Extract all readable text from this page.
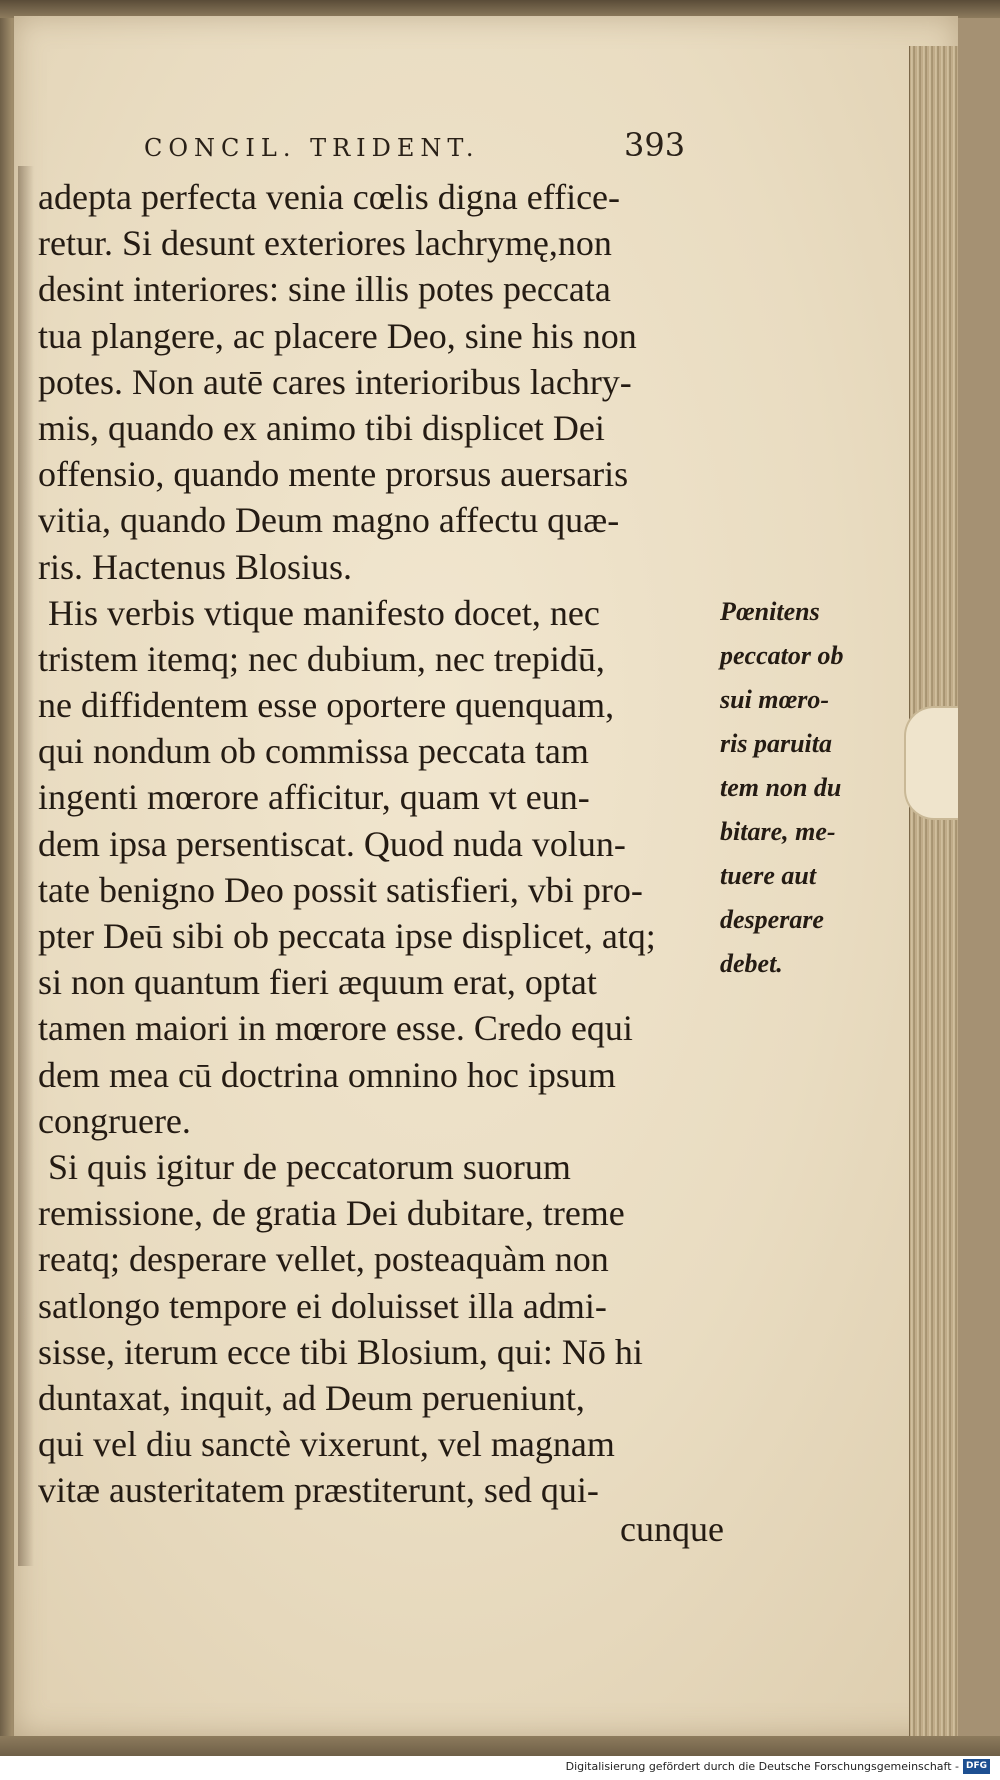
CONCIL. TRIDENT.	393
adepta perfecta venia cœlis digna effice-
retur. Si desunt exteriores lachrymę,non
desint interiores: sine illis potes peccata
tua plangere, ac placere Deo, sine his non
potes. Non autē cares interioribus lachry-
mis, quando ex animo tibi displicet Dei
offensio, quando mente prorsus auersaris
vitia, quando Deum magno affectu quæ-
ris. Hactenus Blosius.
His verbis vtique manifesto docet, nec
tristem itemq; nec dubium, nec trepidū,
ne diffidentem esse oportere quenquam,
qui nondum ob commissa peccata tam
ingenti mœrore afficitur, quam vt eun-
dem ipsa persentiscat. Quod nuda volun-
tate benigno Deo possit satisfieri, vbi pro-
pter Deū sibi ob peccata ipse displicet, atq;
si non quantum fieri æquum erat, optat
tamen maiori in mœrore esse. Credo equi
dem mea cū doctrina omnino hoc ipsum
congruere.
Si quis igitur de peccatorum suorum
remissione, de gratia Dei dubitare, treme
reatq; desperare vellet, posteaquàm non
satlongo tempore ei doluisset illa admi-
sisse, iterum ecce tibi Blosium, qui: Nō hi
duntaxat, inquit, ad Deum perueniunt,
qui vel diu sanctè vixerunt, vel magnam
vitæ austeritatem præstiterunt, sed qui-
cunque
Pœnitens
peccator ob
sui mœro-
ris paruita
tem non du
bitare, me-
tuere aut
desperare
debet.
Digitalisierung gefördert durch die Deutsche Forschungsgemeinschaft - DFG
